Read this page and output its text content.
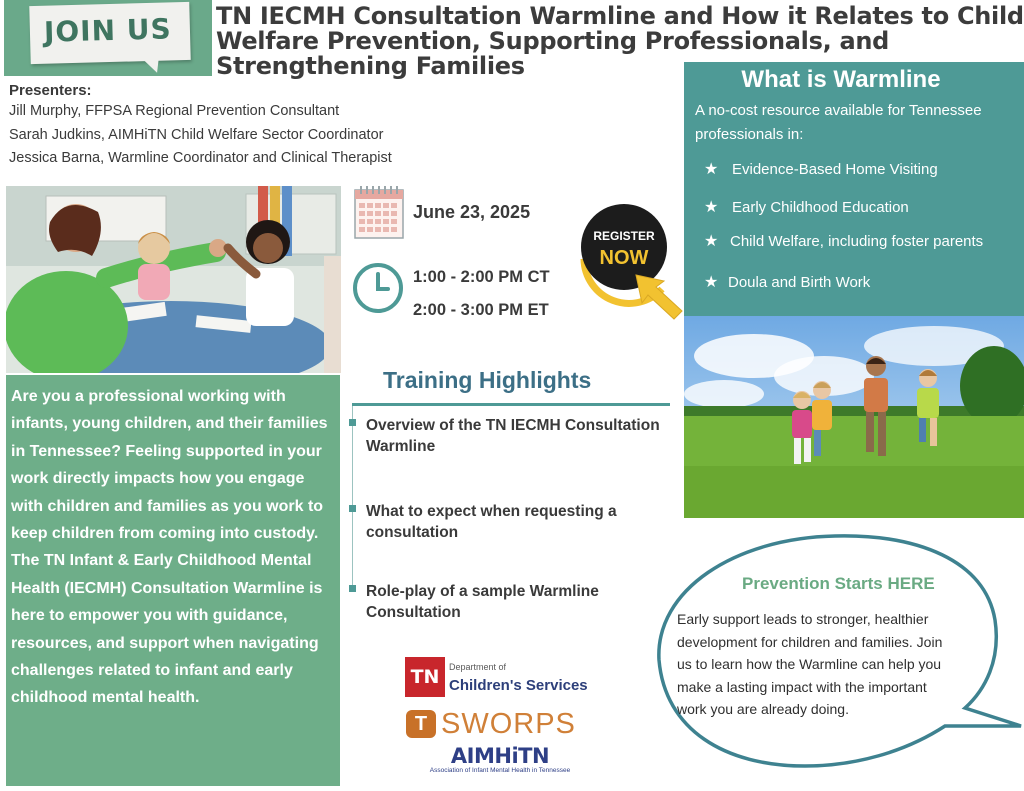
JOIN US TN IECMH Consultation Warmline and How it Relates to Child Welfare Prevention, Supporting Professionals, and Strengthening Families
Presenters:
Jill Murphy, FFPSA Regional Prevention Consultant
Sarah Judkins, AIMHiTN Child Welfare Sector Coordinator
Jessica Barna, Warmline Coordinator and Clinical Therapist

Are you a professional working with infants, young children, and their families in Tennessee? Feeling supported in your work directly impacts how you engage with children and families as you work to keep children from coming into custody. The TN Infant & Early Childhood Mental Health (IECMH) Consultation Warmline is here to empower you with guidance, resources, and support when navigating challenges related to infant and early childhood mental health.

June 23, 2025
1:00 - 2:00 PM CT
2:00 - 3:00 PM ET
REGISTER
NOW
What is Warmline
A no-cost resource available for Tennessee professionals in:
★ Evidence-Based Home Visiting
★ Early Childhood Education
★ Child Welfare, including foster parents
★ Doula and Birth Work
Training Highlights
Overview of the TN IECMH Consultation Warmline
What to expect when requesting a consultation
Role-play of a sample Warmline Consultation
TN	Department of
Children's Services
T SWORPS
AIMHiTN
Association of Infant Mental Health in Tennessee
Prevention Starts HERE
Early support leads to stronger, healthier development for children and families. Join us to learn how the Warmline can help you make a lasting impact with the important work you are already doing.
